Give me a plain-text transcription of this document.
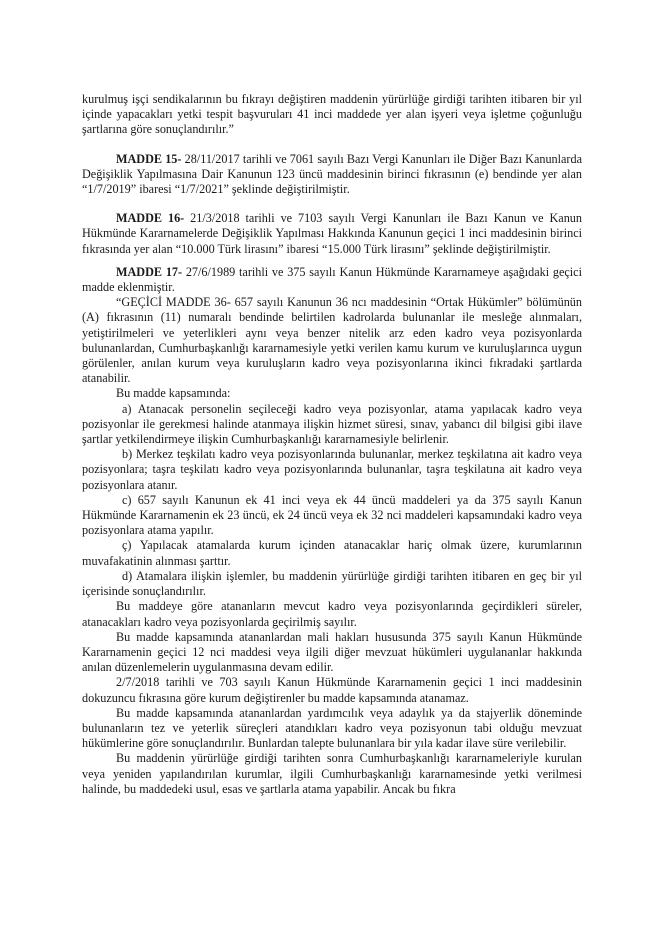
kurulmuş işçi sendikalarının bu fıkrayı değiştiren maddenin yürürlüğe girdiği tarihten itibaren bir yıl içinde yapacakları yetki tespit başvuruları 41 inci maddede yer alan işyeri veya işletme çoğunluğu şartlarına göre sonuçlandırılır.”

MADDE 15- 28/11/2017 tarihli ve 7061 sayılı Bazı Vergi Kanunları ile Diğer Bazı Kanunlarda Değişiklik Yapılmasına Dair Kanunun 123 üncü maddesinin birinci fıkrasının (e) bendinde yer alan “1/7/2019” ibaresi “1/7/2021” şeklinde değiştirilmiştir.

MADDE 16- 21/3/2018 tarihli ve 7103 sayılı Vergi Kanunları ile Bazı Kanun ve Kanun Hükmünde Kararnamelerde Değişiklik Yapılması Hakkında Kanunun geçici 1 inci maddesinin birinci fıkrasında yer alan “10.000 Türk lirasını” ibaresi “15.000 Türk lirasını” şeklinde değiştirilmiştir.

MADDE 17- 27/6/1989 tarihli ve 375 sayılı Kanun Hükmünde Kararnameye aşağıdaki geçici madde eklenmiştir.

“GEÇİCİ MADDE 36- 657 sayılı Kanunun 36 ncı maddesinin “Ortak Hükümler” bölümünün (A) fıkrasının (11) numaralı bendinde belirtilen kadrolarda bulunanlar ile mesleğe alınmaları, yetiştirilmeleri ve yeterlikleri aynı veya benzer nitelik arz eden kadro veya pozisyonlarda bulunanlardan, Cumhurbaşkanlığı kararnamesiyle yetki verilen kamu kurum ve kuruluşlarınca uygun görülenler, anılan kurum veya kuruluşların kadro veya pozisyonlarına ikinci fıkradaki şartlarda atanabilir.

Bu madde kapsamında:

a) Atanacak personelin seçileceği kadro veya pozisyonlar, atama yapılacak kadro veya pozisyonlar ile gerekmesi halinde atanmaya ilişkin hizmet süresi, sınav, yabancı dil bilgisi gibi ilave şartlar yetkilendirmeye ilişkin Cumhurbaşkanlığı kararnamesiyle belirlenir.

b) Merkez teşkilatı kadro veya pozisyonlarında bulunanlar, merkez teşkilatına ait kadro veya pozisyonlara; taşra teşkilatı kadro veya pozisyonlarında bulunanlar, taşra teşkilatına ait kadro veya pozisyonlara atanır.

c) 657 sayılı Kanunun ek 41 inci veya ek 44 üncü maddeleri ya da 375 sayılı Kanun Hükmünde Kararnamenin ek 23 üncü, ek 24 üncü veya ek 32 nci maddeleri kapsamındaki kadro veya pozisyonlara atama yapılır.

ç) Yapılacak atamalarda kurum içinden atanacaklar hariç olmak üzere, kurumlarının muvafakatinin alınması şarttır.

d) Atamalara ilişkin işlemler, bu maddenin yürürlüğe girdiği tarihten itibaren en geç bir yıl içerisinde sonuçlandırılır.

Bu maddeye göre atananların mevcut kadro veya pozisyonlarında geçirdikleri süreler, atanacakları kadro veya pozisyonlarda geçirilmiş sayılır.

Bu madde kapsamında atananlardan mali hakları hususunda 375 sayılı Kanun Hükmünde Kararnamenin geçici 12 nci maddesi veya ilgili diğer mevzuat hükümleri uygulananlar hakkında anılan düzenlemelerin uygulanmasına devam edilir.

2/7/2018 tarihli ve 703 sayılı Kanun Hükmünde Kararnamenin geçici 1 inci maddesinin dokuzuncu fıkrasına göre kurum değiştirenler bu madde kapsamında atanamaz.

Bu madde kapsamında atananlardan yardımcılık veya adaylık ya da stajyerlik döneminde bulunanların tez ve yeterlik süreçleri atandıkları kadro veya pozisyonun tabi olduğu mevzuat hükümlerine göre sonuçlandırılır. Bunlardan talepte bulunanlara bir yıla kadar ilave süre verilebilir.

Bu maddenin yürürlüğe girdiği tarihten sonra Cumhurbaşkanlığı kararnameleriyle kurulan veya yeniden yapılandırılan kurumlar, ilgili Cumhurbaşkanlığı kararnamesinde yetki verilmesi halinde, bu maddedeki usul, esas ve şartlarla atama yapabilir. Ancak bu fıkra
